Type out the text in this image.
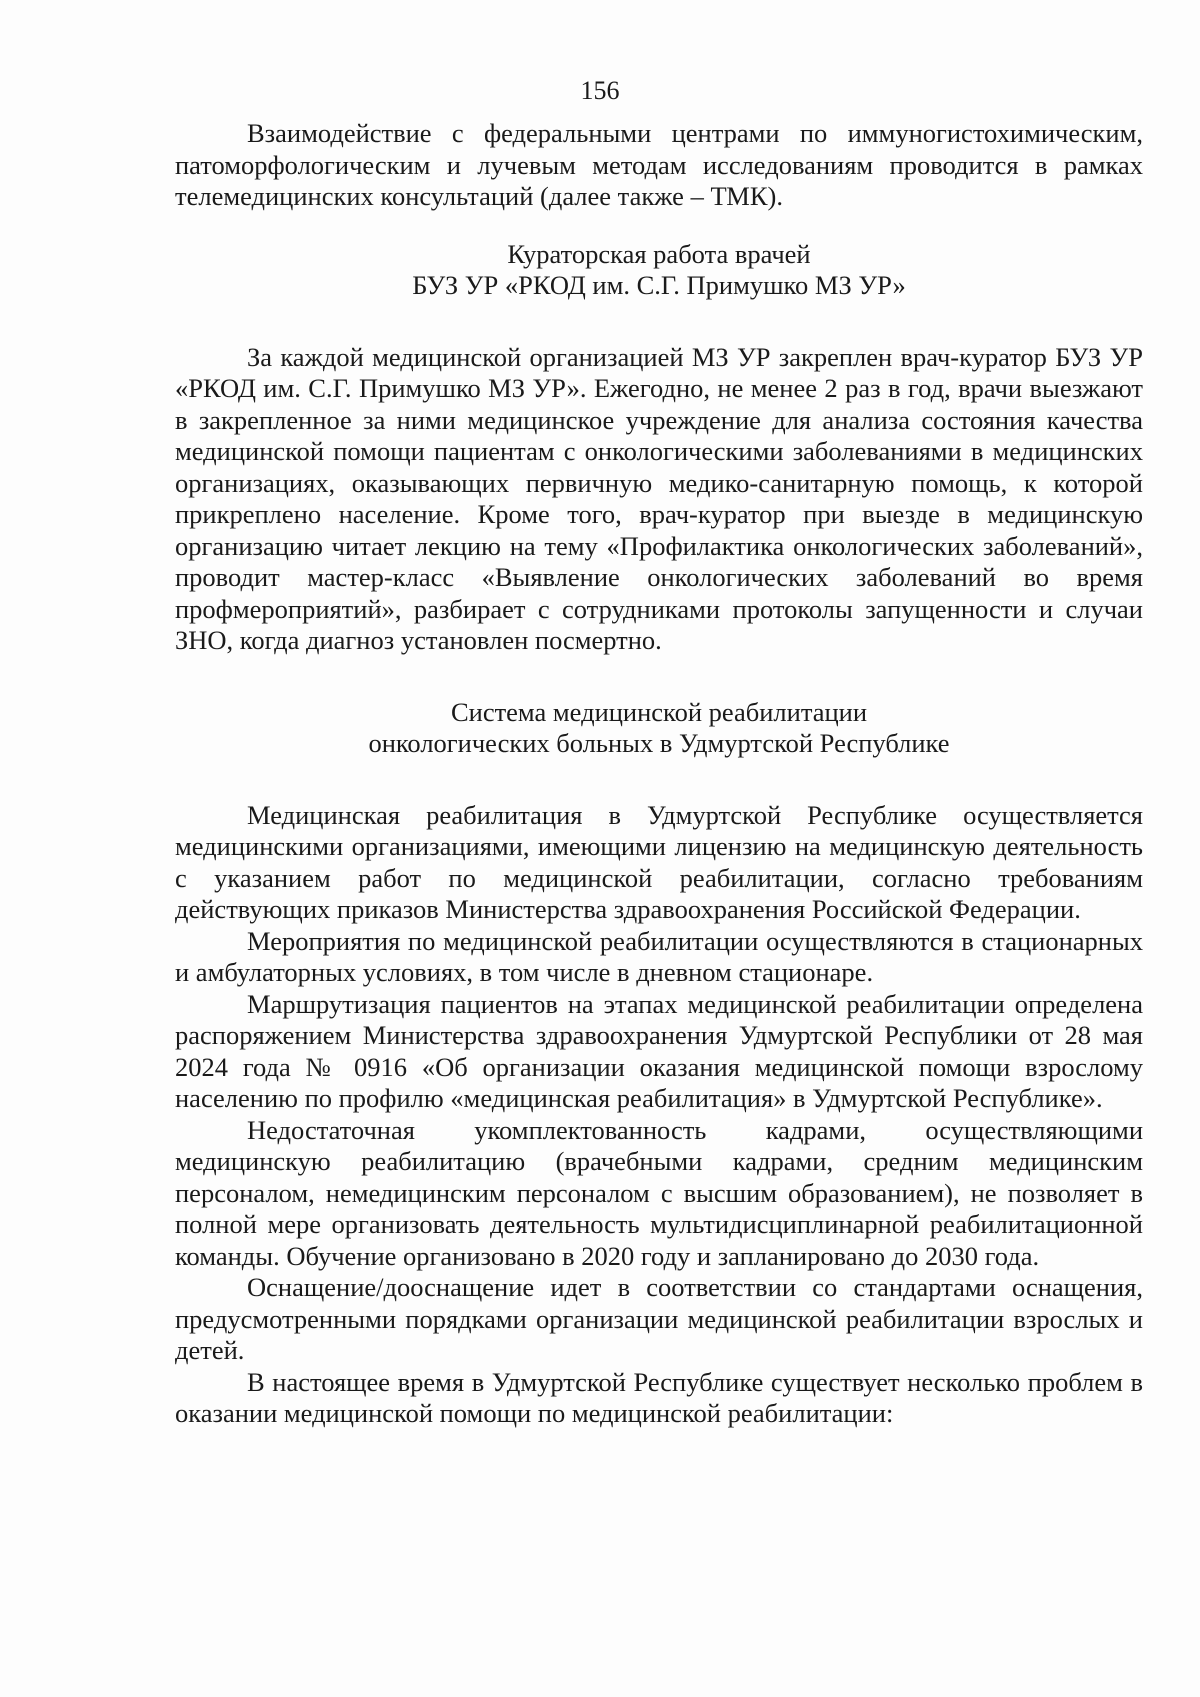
156

Взаимодействие с федеральными центрами по иммуногистохимическим, патоморфологическим и лучевым методам исследованиям проводится в рамках телемедицинских консультаций (далее также – ТМК).

Кураторская работа врачей
БУЗ УР «РКОД им. С.Г. Примушко МЗ УР»

За каждой медицинской организацией МЗ УР закреплен врач-куратор БУЗ УР «РКОД им. С.Г. Примушко МЗ УР». Ежегодно, не менее 2 раз в год, врачи выезжают в закрепленное за ними медицинское учреждение для анализа состояния качества медицинской помощи пациентам с онкологическими заболеваниями в медицинских организациях, оказывающих первичную медико-санитарную помощь, к которой прикреплено население. Кроме того, врач-куратор при выезде в медицинскую организацию читает лекцию на тему «Профилактика онкологических заболеваний», проводит мастер-класс «Выявление онкологических заболеваний во время профмероприятий», разбирает с сотрудниками протоколы запущенности и случаи ЗНО, когда диагноз установлен посмертно.

Система медицинской реабилитации
онкологических больных в Удмуртской Республике

Медицинская реабилитация в Удмуртской Республике осуществляется медицинскими организациями, имеющими лицензию на медицинскую деятельность с указанием работ по медицинской реабилитации, согласно требованиям действующих приказов Министерства здравоохранения Российской Федерации.

Мероприятия по медицинской реабилитации осуществляются в стационарных и амбулаторных условиях, в том числе в дневном стационаре.

Маршрутизация пациентов на этапах медицинской реабилитации определена распоряжением Министерства здравоохранения Удмуртской Республики от 28 мая 2024 года № 0916 «Об организации оказания медицинской помощи взрослому населению по профилю «медицинская реабилитация» в Удмуртской Республике».

Недостаточная укомплектованность кадрами, осуществляющими медицинскую реабилитацию (врачебными кадрами, средним медицинским персоналом, немедицинским персоналом с высшим образованием), не позволяет в полной мере организовать деятельность мультидисциплинарной реабилитационной команды. Обучение организовано в 2020 году и запланировано до 2030 года.

Оснащение/дооснащение идет в соответствии со стандартами оснащения, предусмотренными порядками организации медицинской реабилитации взрослых и детей.

В настоящее время в Удмуртской Республике существует несколько проблем в оказании медицинской помощи по медицинской реабилитации:
